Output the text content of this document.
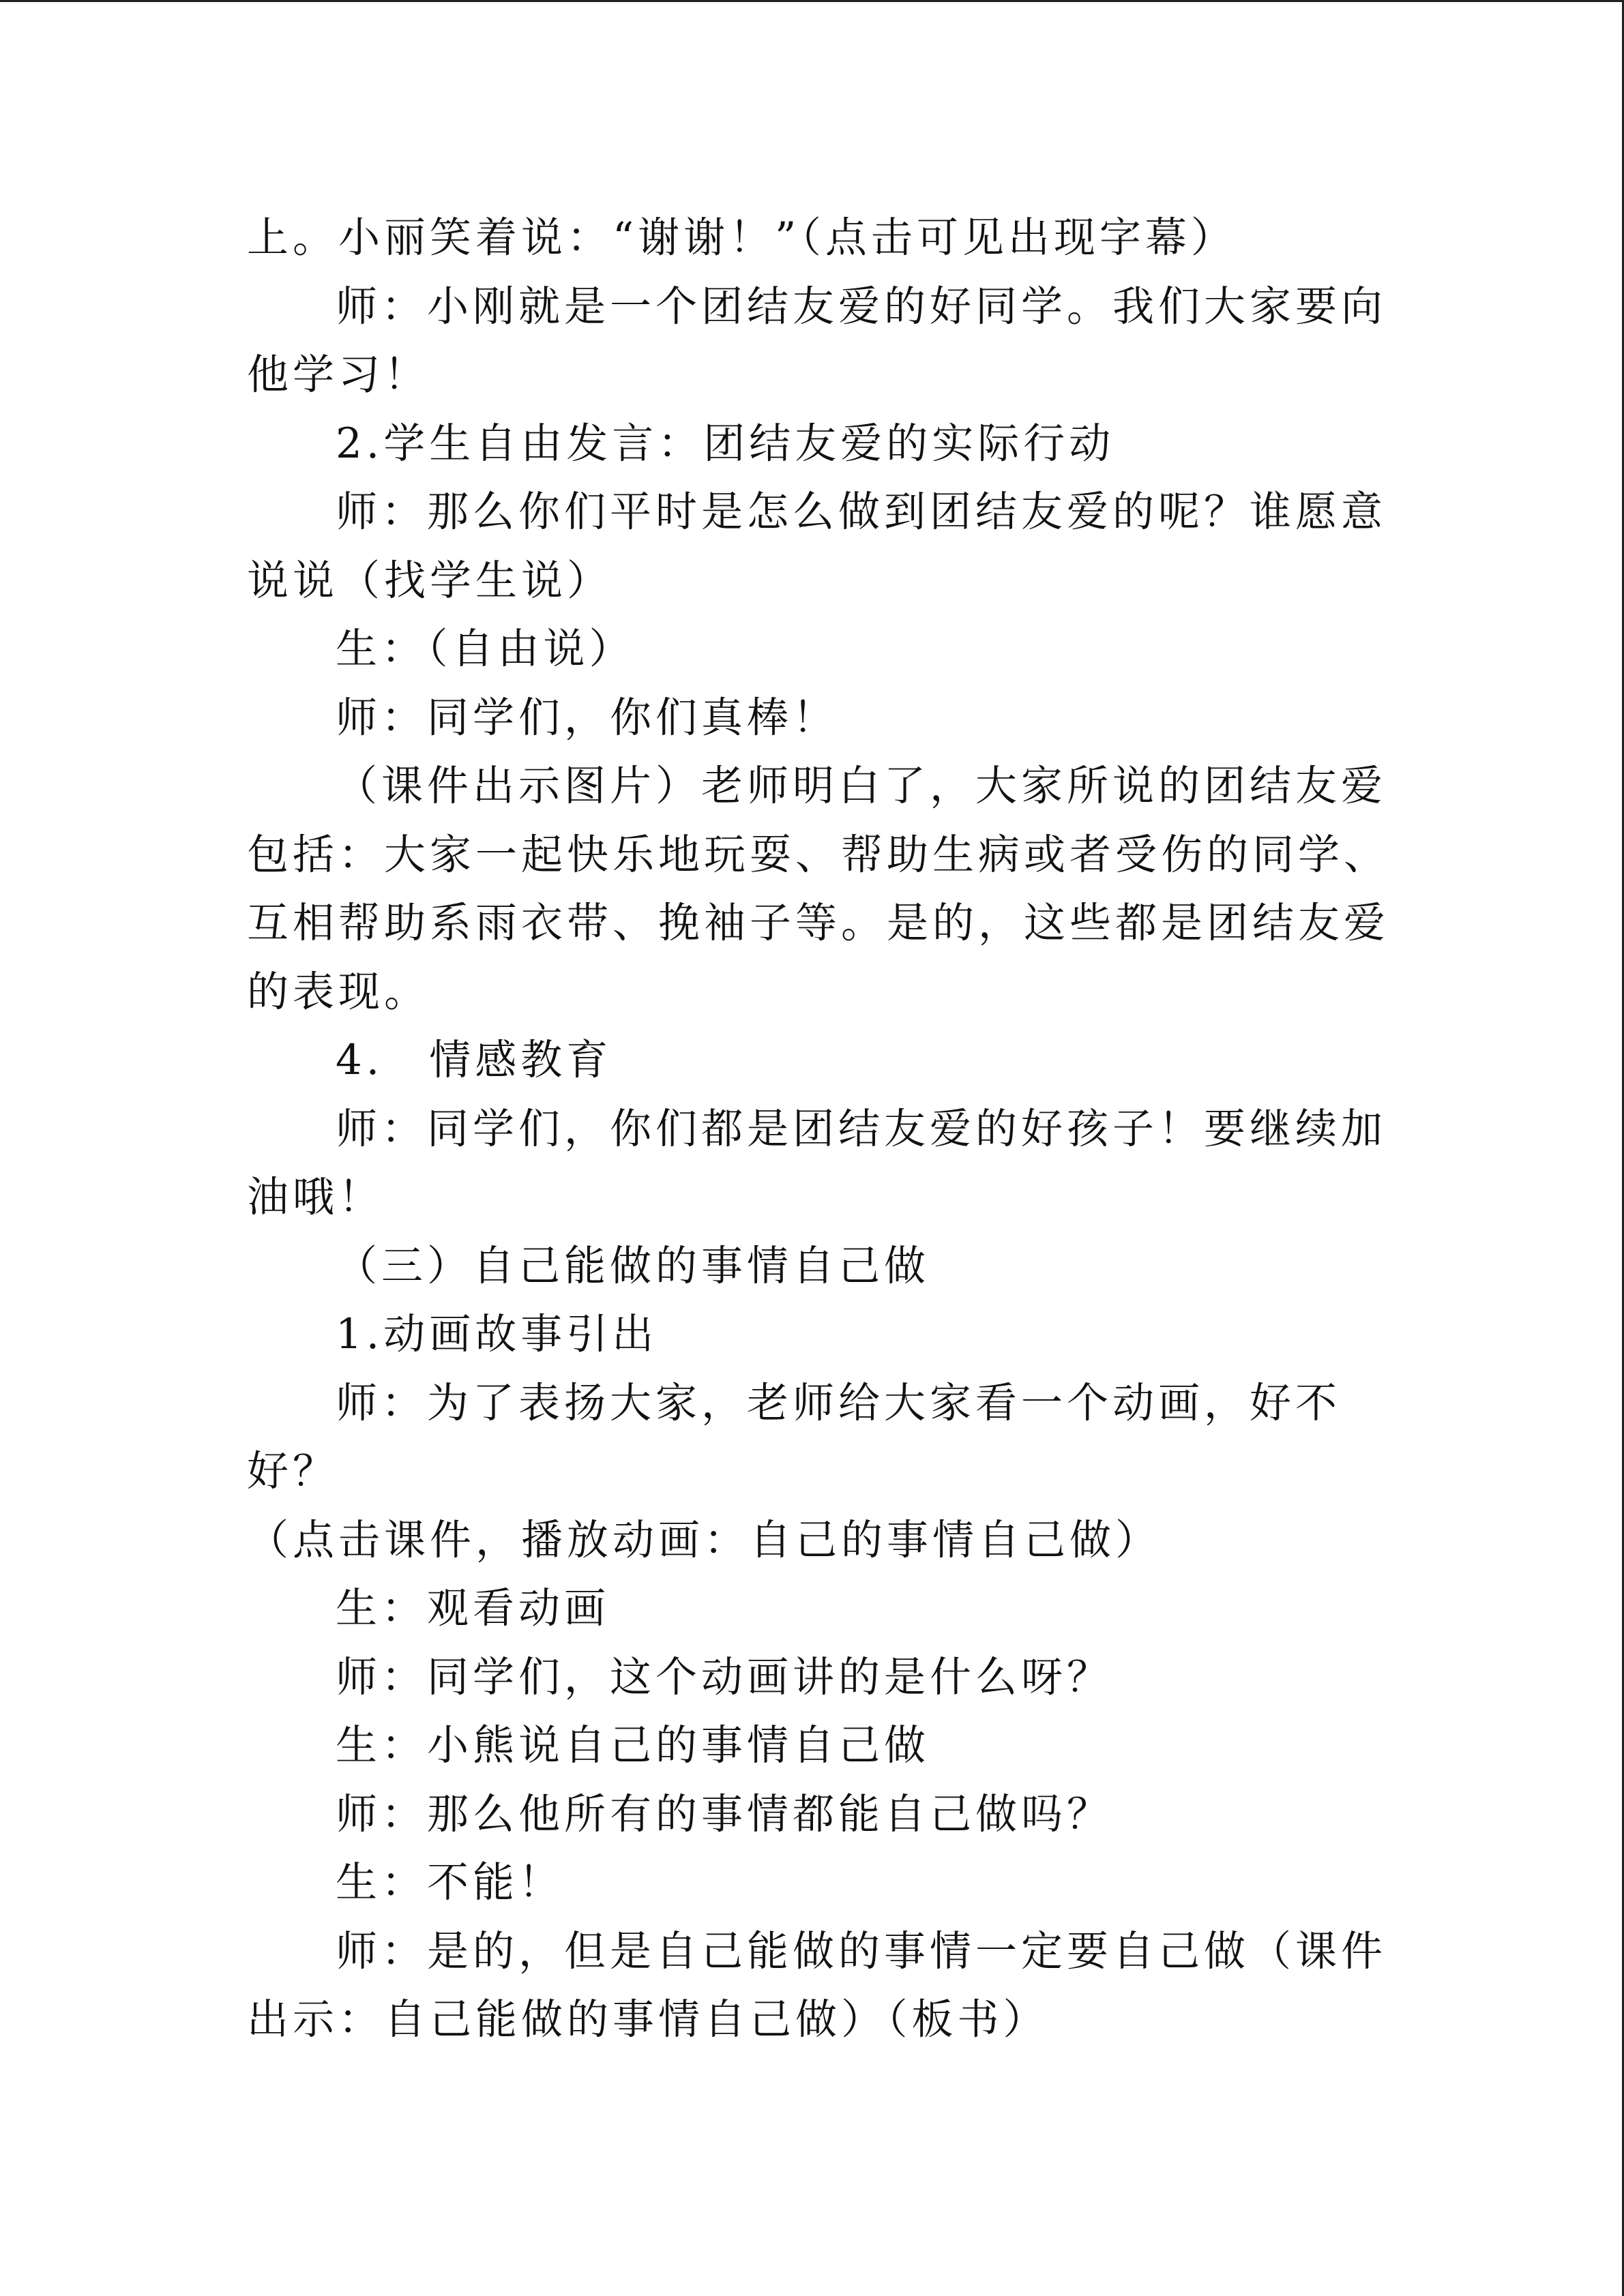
上。小丽笑着说：“谢谢！”（点击可见出现字幕）
师：小刚就是一个团结友爱的好同学。我们大家要向
他学习！
2.学生自由发言：团结友爱的实际行动
师：那么你们平时是怎么做到团结友爱的呢？谁愿意
说说（找学生说）
生：（自由说）
师：同学们，你们真棒！
（课件出示图片）老师明白了，大家所说的团结友爱
包括：大家一起快乐地玩耍、帮助生病或者受伤的同学、
互相帮助系雨衣带、挽袖子等。是的，这些都是团结友爱
的表现。
4.　情感教育
师：同学们，你们都是团结友爱的好孩子！要继续加
油哦！
（三）自己能做的事情自己做
1.动画故事引出
师：为了表扬大家，老师给大家看一个动画，好不
好？
（点击课件，播放动画：自己的事情自己做）
生：观看动画
师：同学们，这个动画讲的是什么呀？
生：小熊说自己的事情自己做
师：那么他所有的事情都能自己做吗？
生：不能！
师：是的，但是自己能做的事情一定要自己做（课件
出示：自己能做的事情自己做）（板书）
